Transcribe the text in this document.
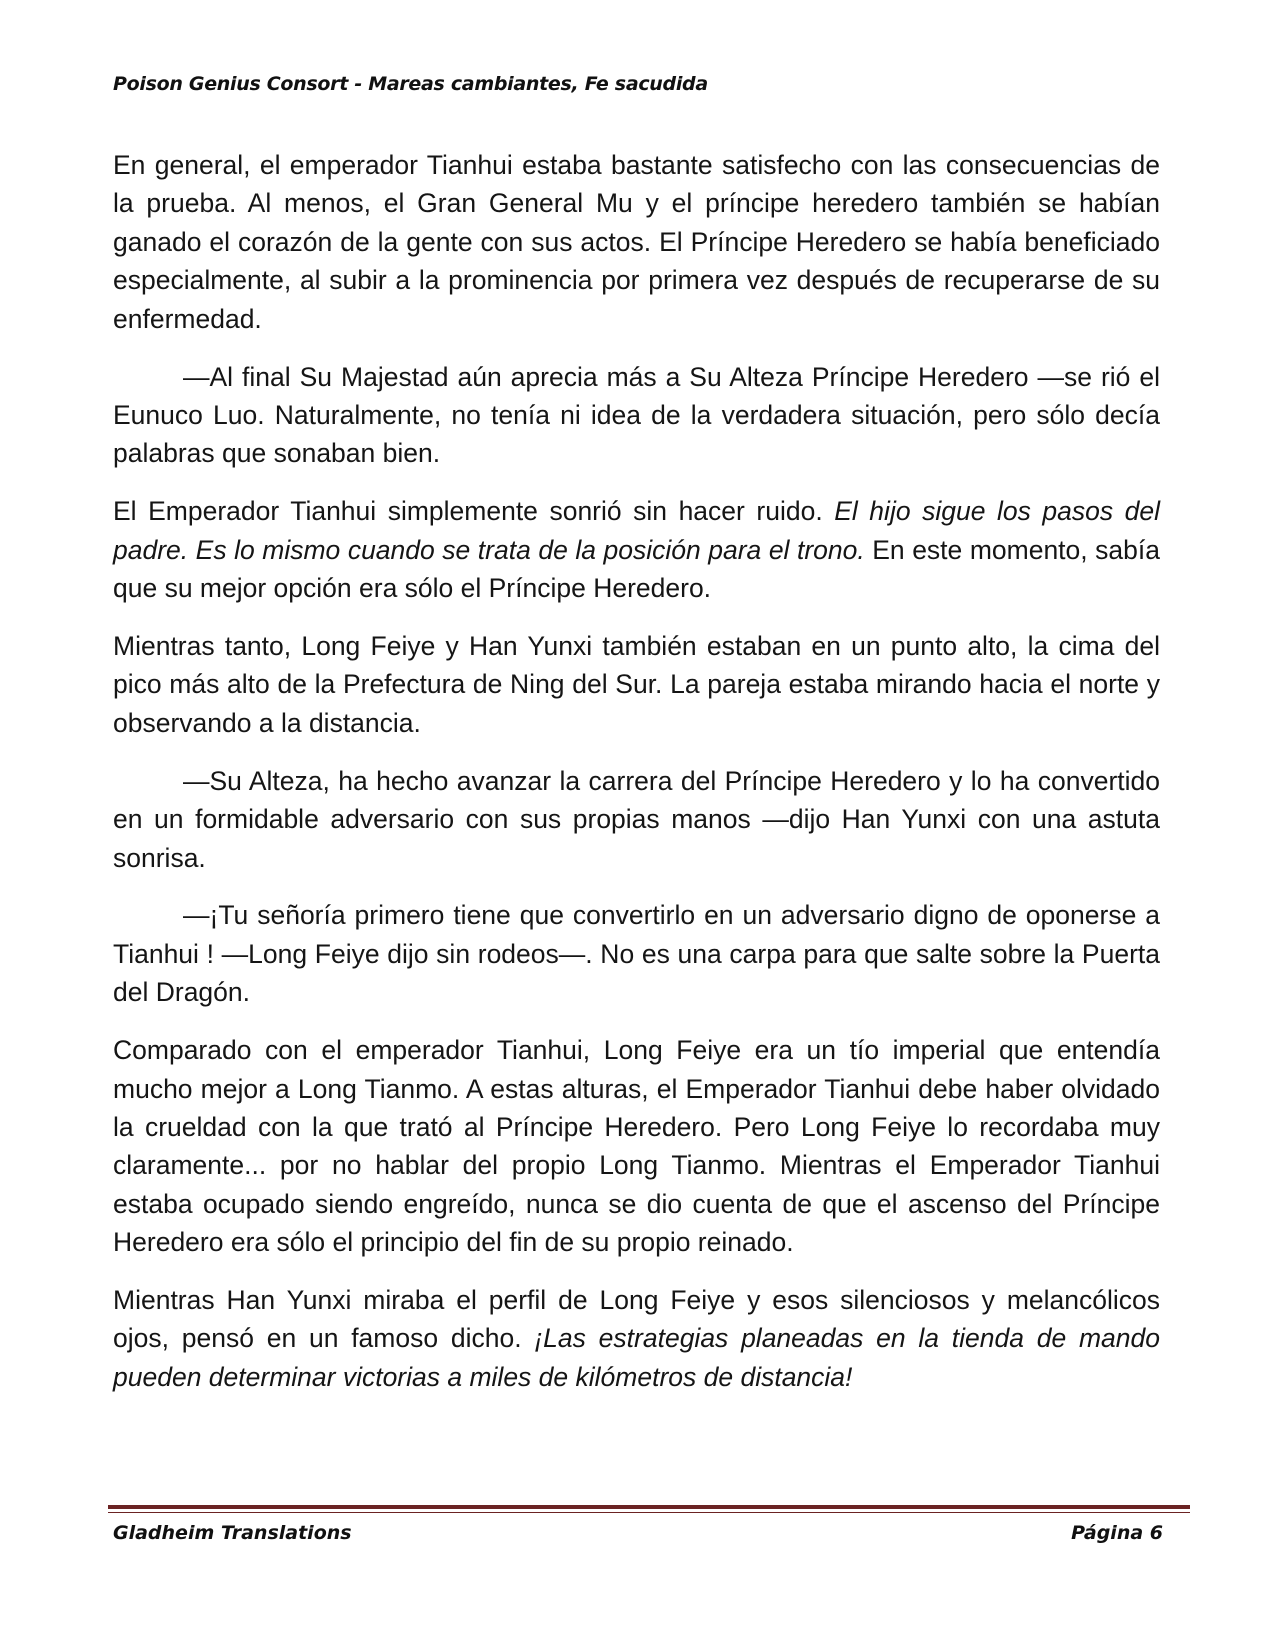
Poison Genius Consort - Mareas cambiantes, Fe sacudida

En general, el emperador Tianhui estaba bastante satisfecho con las consecuencias de la prueba. Al menos, el Gran General Mu y el príncipe heredero también se habían ganado el corazón de la gente con sus actos. El Príncipe Heredero se había beneficiado especialmente, al subir a la prominencia por primera vez después de recuperarse de su enfermedad.

—Al final Su Majestad aún aprecia más a Su Alteza Príncipe Heredero —se rió el Eunuco Luo. Naturalmente, no tenía ni idea de la verdadera situación, pero sólo decía palabras que sonaban bien.

El Emperador Tianhui simplemente sonrió sin hacer ruido. El hijo sigue los pasos del padre. Es lo mismo cuando se trata de la posición para el trono. En este momento, sabía que su mejor opción era sólo el Príncipe Heredero.

Mientras tanto, Long Feiye y Han Yunxi también estaban en un punto alto, la cima del pico más alto de la Prefectura de Ning del Sur. La pareja estaba mirando hacia el norte y observando a la distancia.

—Su Alteza, ha hecho avanzar la carrera del Príncipe Heredero y lo ha convertido en un formidable adversario con sus propias manos —dijo Han Yunxi con una astuta sonrisa.

—¡Tu señoría primero tiene que convertirlo en un adversario digno de oponerse a Tianhui ! —Long Feiye dijo sin rodeos—. No es una carpa para que salte sobre la Puerta del Dragón.

Comparado con el emperador Tianhui, Long Feiye era un tío imperial que entendía mucho mejor a Long Tianmo. A estas alturas, el Emperador Tianhui debe haber olvidado la crueldad con la que trató al Príncipe Heredero. Pero Long Feiye lo recordaba muy claramente... por no hablar del propio Long Tianmo. Mientras el Emperador Tianhui estaba ocupado siendo engreído, nunca se dio cuenta de que el ascenso del Príncipe Heredero era sólo el principio del fin de su propio reinado.

Mientras Han Yunxi miraba el perfil de Long Feiye y esos silenciosos y melancólicos ojos, pensó en un famoso dicho. ¡Las estrategias planeadas en la tienda de mando pueden determinar victorias a miles de kilómetros de distancia!

Gladheim Translations	Página 6
